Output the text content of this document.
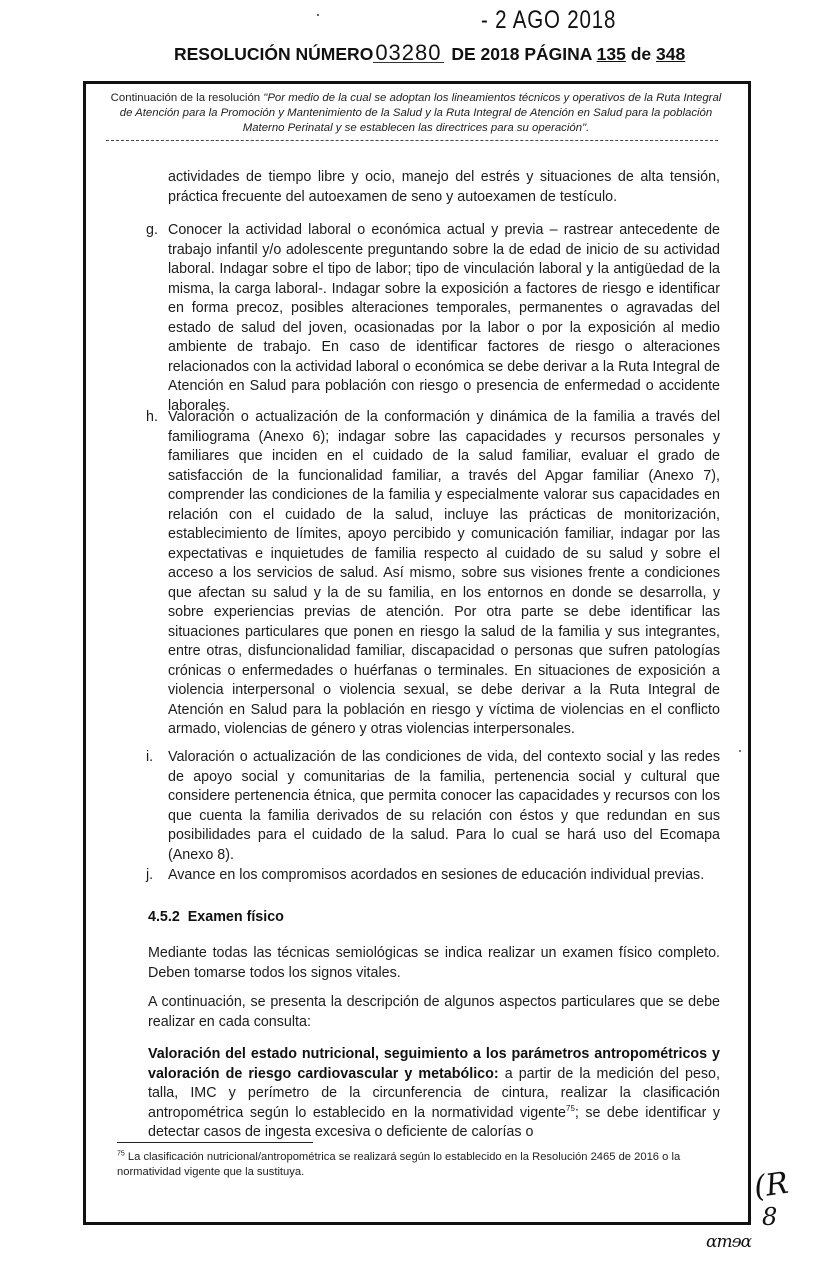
- 2 AGO 2018
RESOLUCIÓN NÚMERO03280 DE 2018 PÁGINA 135 de 348
Continuación de la resolución "Por medio de la cual se adoptan los lineamientos técnicos y operativos de la Ruta Integral de Atención para la Promoción y Mantenimiento de la Salud y la Ruta Integral de Atención en Salud para la población Materno Perinatal y se establecen las directrices para su operación".
actividades de tiempo libre y ocio, manejo del estrés y situaciones de alta tensión, práctica frecuente del autoexamen de seno y autoexamen de testículo.
g. Conocer la actividad laboral o económica actual y previa – rastrear antecedente de trabajo infantil y/o adolescente preguntando sobre la de edad de inicio de su actividad laboral. Indagar sobre el tipo de labor; tipo de vinculación laboral y la antigüedad de la misma, la carga laboral-. Indagar sobre la exposición a factores de riesgo e identificar en forma precoz, posibles alteraciones temporales, permanentes o agravadas del estado de salud del joven, ocasionadas por la labor o por la exposición al medio ambiente de trabajo. En caso de identificar factores de riesgo o alteraciones relacionados con la actividad laboral o económica se debe derivar a la Ruta Integral de Atención en Salud para población con riesgo o presencia de enfermedad o accidente laborales.
h. Valoración o actualización de la conformación y dinámica de la familia a través del familiograma (Anexo 6); indagar sobre las capacidades y recursos personales y familiares que inciden en el cuidado de la salud familiar, evaluar el grado de satisfacción de la funcionalidad familiar, a través del Apgar familiar (Anexo 7), comprender las condiciones de la familia y especialmente valorar sus capacidades en relación con el cuidado de la salud, incluye las prácticas de monitorización, establecimiento de límites, apoyo percibido y comunicación familiar, indagar por las expectativas e inquietudes de familia respecto al cuidado de su salud y sobre el acceso a los servicios de salud. Así mismo, sobre sus visiones frente a condiciones que afectan su salud y la de su familia, en los entornos en donde se desarrolla, y sobre experiencias previas de atención. Por otra parte se debe identificar las situaciones particulares que ponen en riesgo la salud de la familia y sus integrantes, entre otras, disfuncionalidad familiar, discapacidad o personas que sufren patologías crónicas o enfermedades o huérfanas o terminales. En situaciones de exposición a violencia interpersonal o violencia sexual, se debe derivar a la Ruta Integral de Atención en Salud para la población en riesgo y víctima de violencias en el conflicto armado, violencias de género y otras violencias interpersonales.
i.	Valoración o actualización de las condiciones de vida, del contexto social y las redes de apoyo social y comunitarias de la familia, pertenencia social y cultural que considere pertenencia étnica, que permita conocer las capacidades y recursos con los que cuenta la familia derivados de su relación con éstos y que redundan en sus posibilidades para el cuidado de la salud. Para lo cual se hará uso del Ecomapa (Anexo 8).
j.	Avance en los compromisos acordados en sesiones de educación individual previas.
4.5.2 Examen físico
Mediante todas las técnicas semiológicas se indica realizar un examen físico completo. Deben tomarse todos los signos vitales.
A continuación, se presenta la descripción de algunos aspectos particulares que se debe realizar en cada consulta:
Valoración del estado nutricional, seguimiento a los parámetros antropométricos y valoración de riesgo cardiovascular y metabólico: a partir de la medición del peso, talla, IMC y perímetro de la circunferencia de cintura, realizar la clasificación antropométrica según lo establecido en la normatividad vigente$^{75}$; se debe identificar y detectar casos de ingesta excesiva o deficiente de calorías o
$^{75}$ La clasificación nutricional/antropométrica se realizará según lo establecido en la Resolución 2465 de 2016 o la normatividad vigente que la sustituya.	(R
8
ɑmɘɑ
